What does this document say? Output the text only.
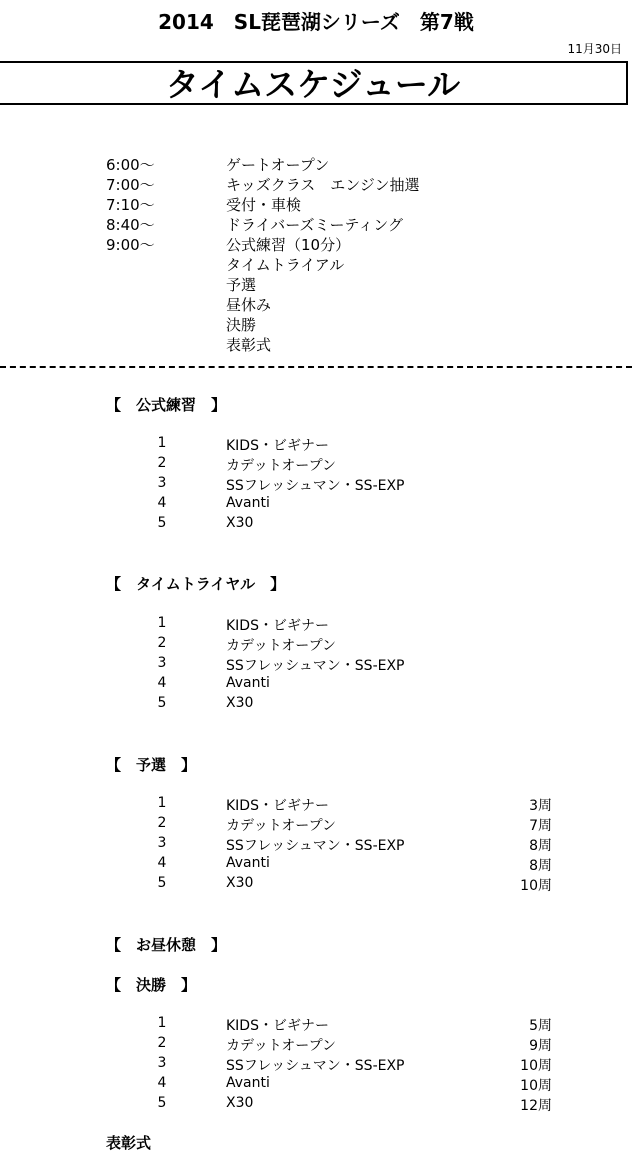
2014　SL琵琶湖シリーズ　第7戦
11月30日
タイムスケジュール
6:00～	ゲートオープン
7:00～	キッズクラス　エンジン抽選
7:10～	受付・車検
8:40～	ドライバーズミーティング
9:00～	公式練習（10分）
タイムトライアル
予選
昼休み
決勝
表彰式
【　公式練習　】
1	KIDS・ビギナー
2	カデットオープン
3	SSフレッシュマン・SS-EXP
4	Avanti
5	X30
【　タイムトライヤル　】
1	KIDS・ビギナー
2	カデットオープン
3	SSフレッシュマン・SS-EXP
4	Avanti
5	X30
【　予選　】
1	KIDS・ビギナー	3周
2	カデットオープン	7周
3	SSフレッシュマン・SS-EXP	8周
4	Avanti	8周
5	X30	10周
【　お昼休憩　】
【　決勝　】
1	KIDS・ビギナー	5周
2	カデットオープン	9周
3	SSフレッシュマン・SS-EXP	10周
4	Avanti	10周
5	X30	12周
表彰式
